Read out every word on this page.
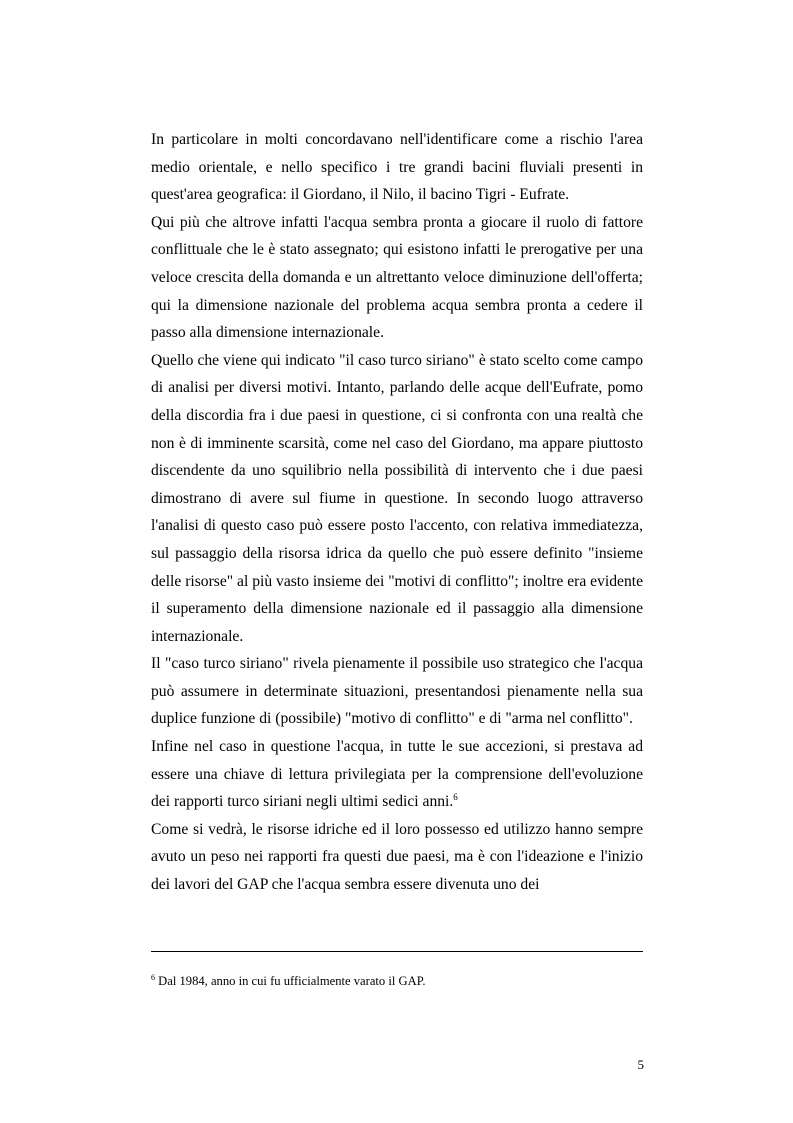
In particolare in molti concordavano nell'identificare come a rischio l'area medio orientale, e nello specifico i tre grandi bacini fluviali presenti in quest'area geografica: il Giordano, il Nilo, il bacino Tigri - Eufrate.

Qui più che altrove infatti l'acqua sembra pronta a giocare il ruolo di fattore conflittuale che le è stato assegnato; qui esistono infatti le prerogative per una veloce crescita della domanda e un altrettanto veloce diminuzione dell'offerta; qui la dimensione nazionale del problema acqua sembra pronta a cedere il passo alla dimensione internazionale.

Quello che viene qui indicato "il caso turco siriano" è stato scelto come campo di analisi per diversi motivi. Intanto, parlando delle acque dell'Eufrate, pomo della discordia fra i due paesi in questione, ci si confronta con una realtà che non è di imminente scarsità, come nel caso del Giordano, ma appare piuttosto discendente da uno squilibrio nella possibilità di intervento che i due paesi dimostrano di avere sul fiume in questione. In secondo luogo attraverso l'analisi di questo caso può essere posto l'accento, con relativa immediatezza, sul passaggio della risorsa idrica da quello che può essere definito "insieme delle risorse" al più vasto insieme dei "motivi di conflitto"; inoltre era evidente il superamento della dimensione nazionale ed il passaggio alla dimensione internazionale.

Il "caso turco siriano" rivela pienamente il possibile uso strategico che l'acqua può assumere in determinate situazioni, presentandosi pienamente nella sua duplice funzione di (possibile) "motivo di conflitto" e di "arma nel conflitto".

Infine nel caso in questione l'acqua, in tutte le sue accezioni, si prestava ad essere una chiave di lettura privilegiata per la comprensione dell'evoluzione dei rapporti turco siriani negli ultimi sedici anni.$^6$

Come si vedrà, le risorse idriche ed il loro possesso ed utilizzo hanno sempre avuto un peso nei rapporti fra questi due paesi, ma è con l'ideazione e l'inizio dei lavori del GAP che l'acqua sembra essere divenuta uno dei

$^6$ Dal 1984, anno in cui fu ufficialmente varato il GAP.
5
